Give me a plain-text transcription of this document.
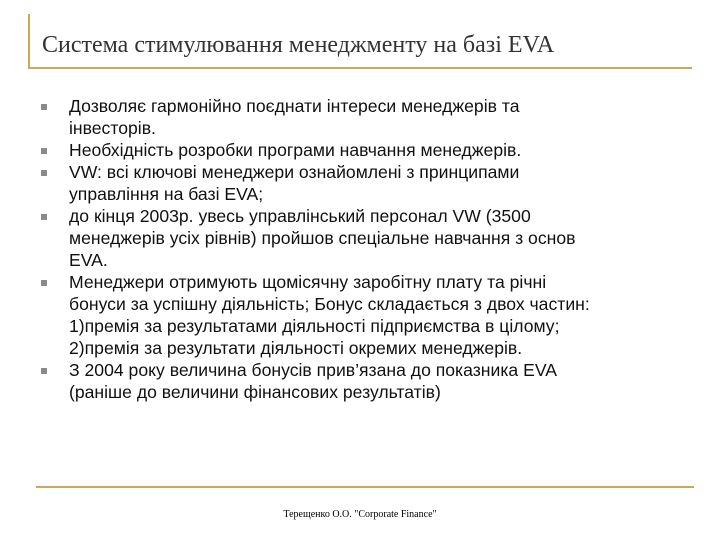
Система стимулювання менеджменту на базі EVA
Дозволяє гармонійно поєднати інтереси менеджерів та
інвесторів.
Необхідність розробки програми навчання менеджерів.
VW: всі ключові менеджери ознайомлені з принципами
управління на базі EVA;
до кінця 2003р. увесь управлінський персонал VW (3500
менеджерів усіх рівнів) пройшов спеціальне навчання з основ
EVA.
Менеджери отримують щомісячну заробітну плату та річні
бонуси за успішну діяльність; Бонус складається з двох частин:
1)премія за результатами діяльності підприємства в цілому;
2)премія за результати діяльності окремих менеджерів.
З 2004 року величина бонусів прив’язана до показника EVA
(раніше до величини фінансових результатів)
Терещенко О.О. "Corporate Finance"
